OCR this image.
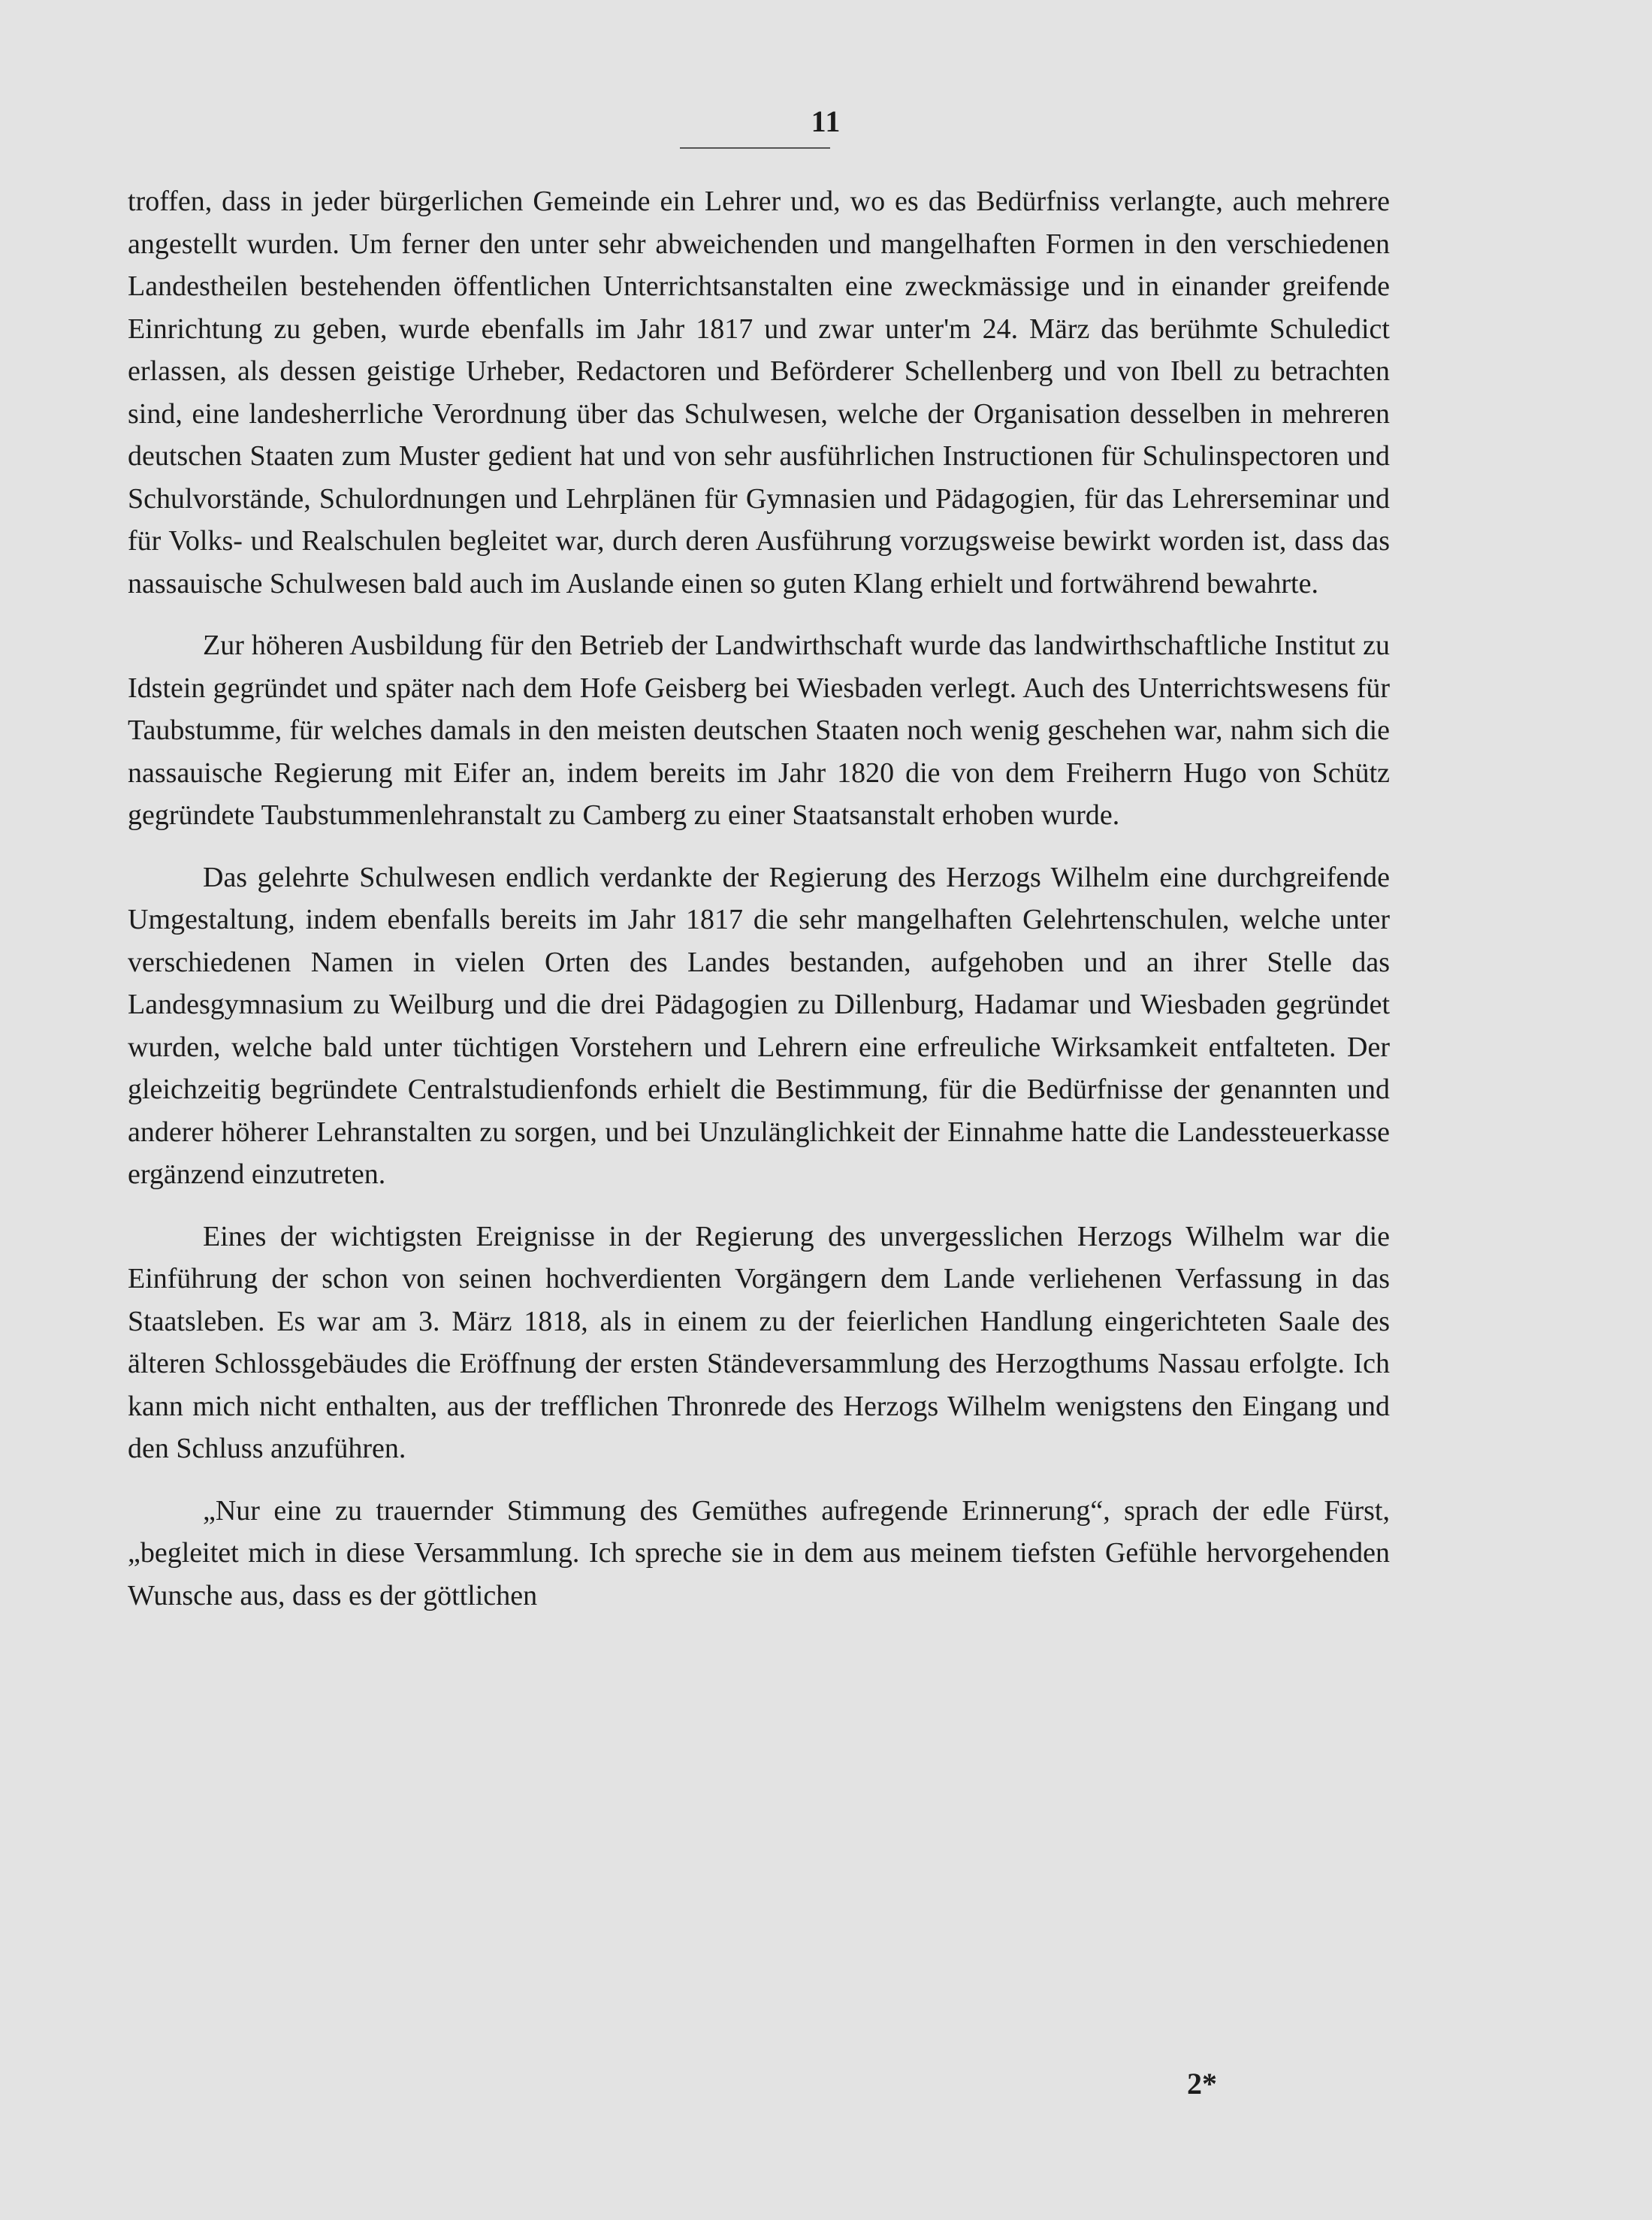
11

troffen, dass in jeder bürgerlichen Gemeinde ein Lehrer und, wo es das Bedürfniss verlangte, auch mehrere angestellt wurden. Um ferner den unter sehr abweichenden und mangelhaften Formen in den verschiedenen Landestheilen bestehenden öffentlichen Unterrichtsanstalten eine zweckmässige und in einander greifende Einrichtung zu geben, wurde ebenfalls im Jahr 1817 und zwar unter'm 24. März das berühmte Schuledict erlassen, als dessen geistige Urheber, Redactoren und Beförderer Schellenberg und von Ibell zu betrachten sind, eine landesherrliche Verordnung über das Schulwesen, welche der Organisation desselben in mehreren deutschen Staaten zum Muster gedient hat und von sehr ausführlichen Instructionen für Schulinspectoren und Schulvorstände, Schulordnungen und Lehrplänen für Gymnasien und Pädagogien, für das Lehrerseminar und für Volks- und Realschulen begleitet war, durch deren Ausführung vorzugsweise bewirkt worden ist, dass das nassauische Schulwesen bald auch im Auslande einen so guten Klang erhielt und fortwährend bewahrte.

Zur höheren Ausbildung für den Betrieb der Landwirthschaft wurde das landwirthschaftliche Institut zu Idstein gegründet und später nach dem Hofe Geisberg bei Wiesbaden verlegt. Auch des Unterrichtswesens für Taubstumme, für welches damals in den meisten deutschen Staaten noch wenig geschehen war, nahm sich die nassauische Regierung mit Eifer an, indem bereits im Jahr 1820 die von dem Freiherrn Hugo von Schütz gegründete Taubstummenlehranstalt zu Camberg zu einer Staatsanstalt erhoben wurde.

Das gelehrte Schulwesen endlich verdankte der Regierung des Herzogs Wilhelm eine durchgreifende Umgestaltung, indem ebenfalls bereits im Jahr 1817 die sehr mangelhaften Gelehrtenschulen, welche unter verschiedenen Namen in vielen Orten des Landes bestanden, aufgehoben und an ihrer Stelle das Landesgymnasium zu Weilburg und die drei Pädagogien zu Dillenburg, Hadamar und Wiesbaden gegründet wurden, welche bald unter tüchtigen Vorstehern und Lehrern eine erfreuliche Wirksamkeit entfalteten. Der gleichzeitig begründete Centralstudienfonds erhielt die Bestimmung, für die Bedürfnisse der genannten und anderer höherer Lehranstalten zu sorgen, und bei Unzulänglichkeit der Einnahme hatte die Landessteuerkasse ergänzend einzutreten.

Eines der wichtigsten Ereignisse in der Regierung des unvergesslichen Herzogs Wilhelm war die Einführung der schon von seinen hochverdienten Vorgängern dem Lande verliehenen Verfassung in das Staatsleben. Es war am 3. März 1818, als in einem zu der feierlichen Handlung eingerichteten Saale des älteren Schlossgebäudes die Eröffnung der ersten Ständeversammlung des Herzogthums Nassau erfolgte. Ich kann mich nicht enthalten, aus der trefflichen Thronrede des Herzogs Wilhelm wenigstens den Eingang und den Schluss anzuführen.

„Nur eine zu trauernder Stimmung des Gemüthes aufregende Erinnerung“, sprach der edle Fürst, „begleitet mich in diese Versammlung. Ich spreche sie in dem aus meinem tiefsten Gefühle hervorgehenden Wunsche aus, dass es der göttlichen

2*
